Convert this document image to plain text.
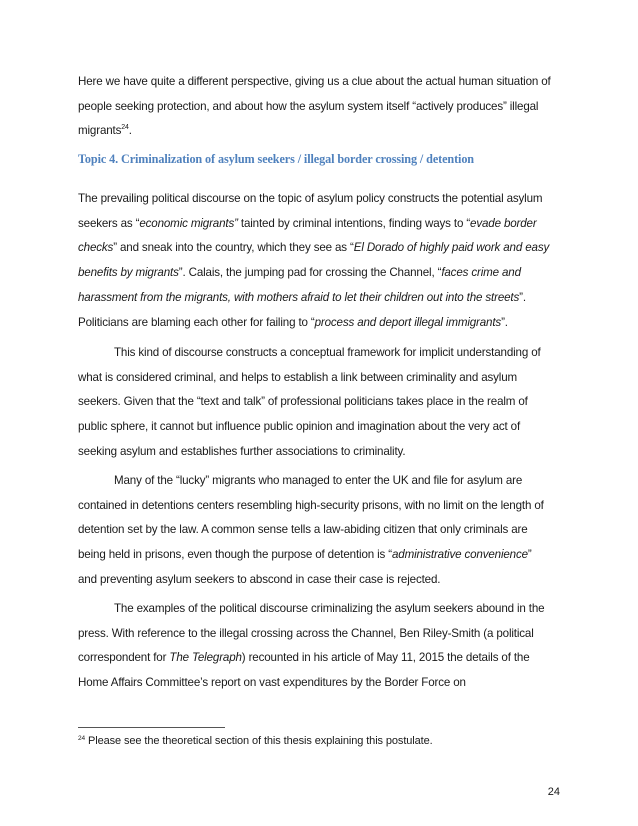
Here we have quite a different perspective, giving us a clue about the actual human situation of
people seeking protection, and about how the asylum system itself “actively produces” illegal
migrants$^{24}$.
Topic 4. Criminalization of asylum seekers / illegal border crossing / detention
The prevailing political discourse on the topic of asylum policy constructs the potential asylum
seekers as “economic migrants” tainted by criminal intentions, finding ways to “evade border
checks” and sneak into the country, which they see as “El Dorado of highly paid work and easy
benefits by migrants”. Calais, the jumping pad for crossing the Channel, “faces crime and
harassment from the migrants, with mothers afraid to let their children out into the streets”.
Politicians are blaming each other for failing to “process and deport illegal immigrants”.
This kind of discourse constructs a conceptual framework for implicit understanding of
what is considered criminal, and helps to establish a link between criminality and asylum
seekers. Given that the “text and talk” of professional politicians takes place in the realm of
public sphere, it cannot but influence public opinion and imagination about the very act of
seeking asylum and establishes further associations to criminality.
Many of the “lucky” migrants who managed to enter the UK and file for asylum are
contained in detentions centers resembling high-security prisons, with no limit on the length of
detention set by the law. A common sense tells a law-abiding citizen that only criminals are
being held in prisons, even though the purpose of detention is “administrative convenience”
and preventing asylum seekers to abscond in case their case is rejected.
The examples of the political discourse criminalizing the asylum seekers abound in the
press. With reference to the illegal crossing across the Channel, Ben Riley-Smith (a political
correspondent for The Telegraph) recounted in his article of May 11, 2015 the details of the
Home Affairs Committee’s report on vast expenditures by the Border Force on
$^{24}$ Please see the theoretical section of this thesis explaining this postulate.
24
